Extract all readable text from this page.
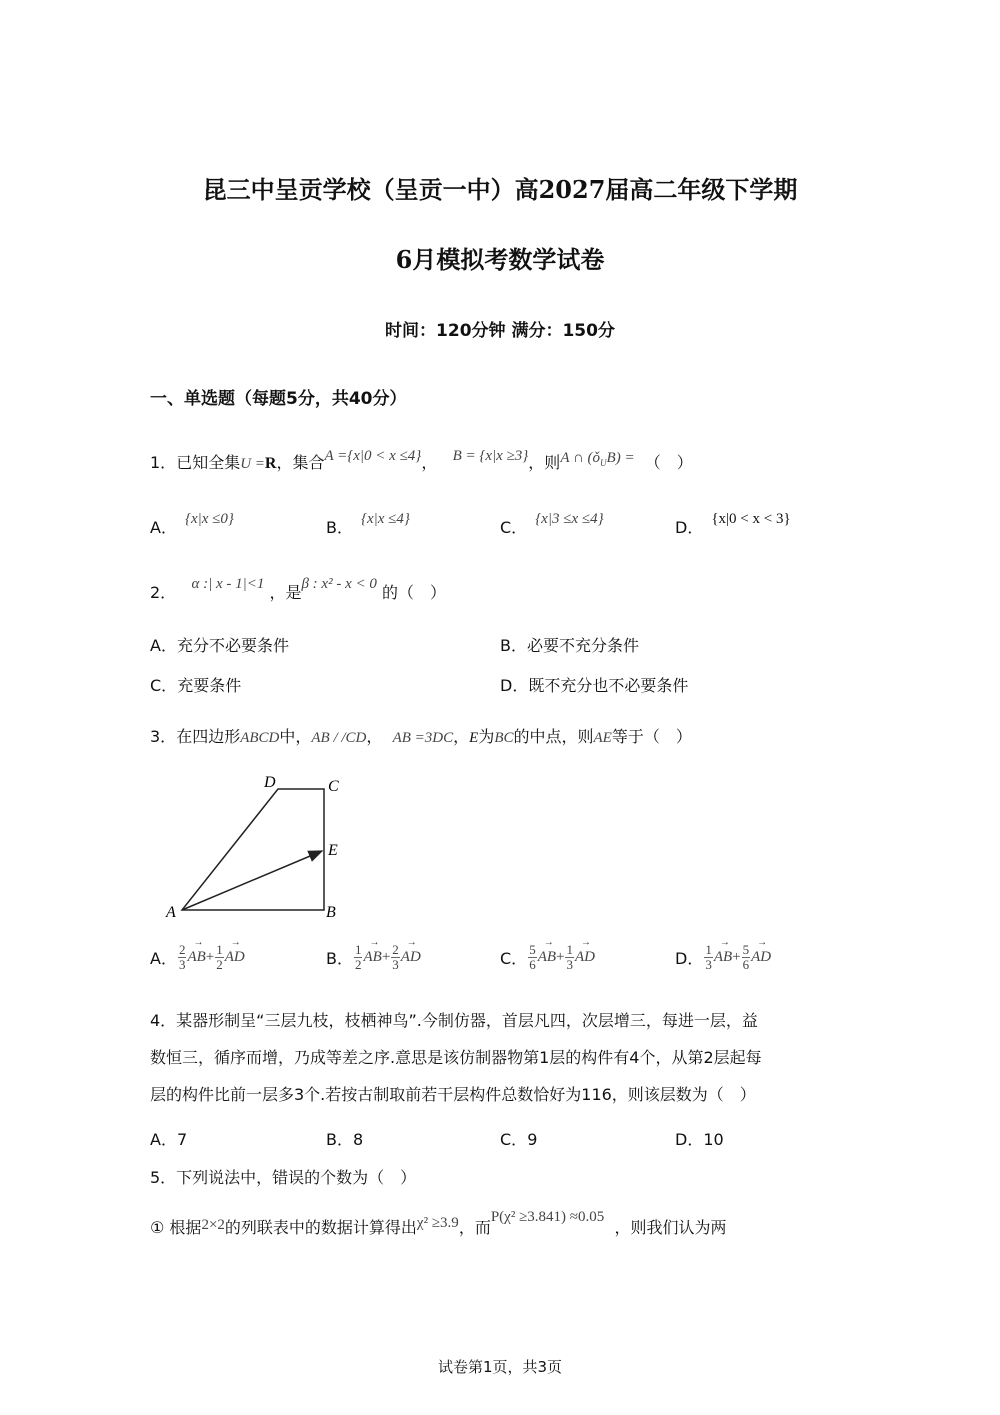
昆三中呈贡学校（呈贡一中）高2027届高二年级下学期
6月模拟考数学试卷
时间：120分钟 满分：150分
一、单选题（每题5分，共40分）
1．已知全集U =R，集合A ={x|0 < x ≤4}， B = {x|x ≥3}，则A ∩ $(ǒ_UB)$ = （　）
A． {x|x ≤0}	B． {x|x ≤4}	C． {x|3 ≤x ≤4}	D． {x|0 < x < 3}
2． α :| x - 1|<1 ，是β : x² - x < 0 的（　）
A．充分不必要条件	B．必要不充分条件
C．充要条件	D．既不充分也不必要条件
3．在四边形ABCD中，AB / /CD， AB =3DC，E为BC的中点，则AE等于（　）
A	B
C
D
E
A． $\frac{2}{3}$
→ $AB+ \frac{1}{2}$
→ AD	B． $\frac{1}{2}$
→ $AB+ \frac{2}{3}$
→ AD	C． $\frac{5}{6}$
→ $AB+ \frac{1}{3}$
→ AD	D． $\frac{1}{3}$
→ $AB+ \frac{5}{6}$
→ AD
4．某器形制呈“三层九枝，枝栖神鸟”.今制仿器，首层凡四，次层增三，每进一层，益
数恒三，循序而增，乃成等差之序.意思是该仿制器物第1层的构件有4个，从第2层起每
层的构件比前一层多3个.若按古制取前若干层构件总数恰好为116，则该层数为（　）
A．7	B．8	C．9	D．10
5．下列说法中，错误的个数为（　）
① 根据2×2的列联表中的数据计算得出χ² ≥3.9，而P(χ² ≥3.841) ≈0.05  ，则我们认为两
试卷第1页，共3页
